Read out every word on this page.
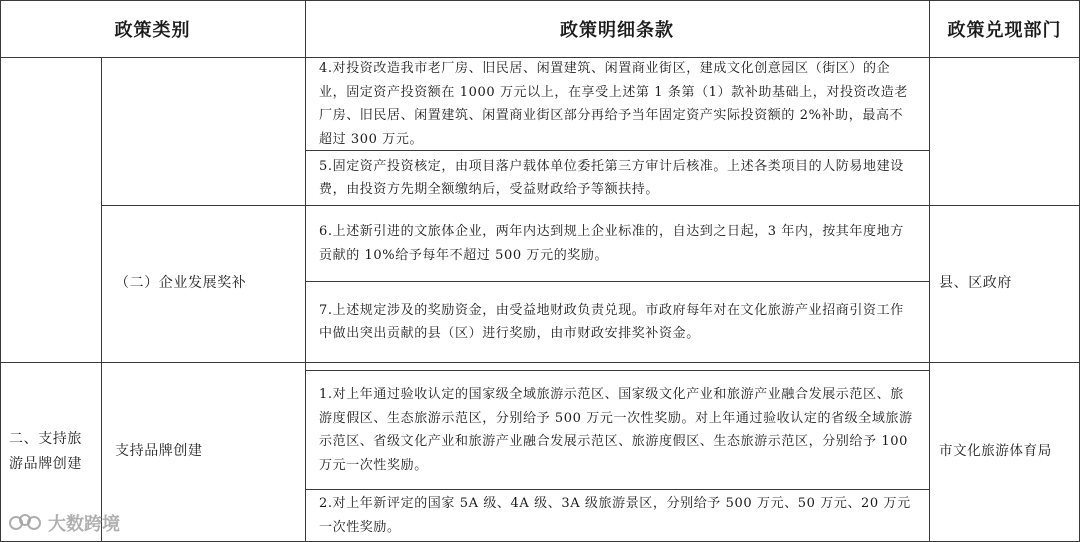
政策类别	政策明细条款	政策兑现部门
4.对投资改造我市老厂房、旧民居、闲置建筑、闲置商业街区，建成文化创意园区（街区）的企业，固定资产投资额在 1000 万元以上，在享受上述第 1 条第（1）款补助基础上，对投资改造老厂房、旧民居、闲置建筑、闲置商业街区部分再给予当年固定资产实际投资额的 2%补助，最高不超过 300 万元。
5.固定资产投资核定，由项目落户载体单位委托第三方审计后核准。上述各类项目的人防易地建设费，由投资方先期全额缴纳后，受益财政给予等额扶持。
6.上述新引进的文旅体企业，两年内达到规上企业标准的，自达到之日起，3 年内，按其年度地方贡献的 10%给予每年不超过 500 万元的奖励。
7.上述规定涉及的奖励资金，由受益地财政负责兑现。市政府每年对在文化旅游产业招商引资工作中做出突出贡献的县（区）进行奖励，由市财政安排奖补资金。
1.对上年通过验收认定的国家级全域旅游示范区、国家级文化产业和旅游产业融合发展示范区、旅游度假区、生态旅游示范区，分别给予 500 万元一次性奖励。对上年通过验收认定的省级全域旅游示范区、省级文化产业和旅游产业融合发展示范区、旅游度假区、生态旅游示范区，分别给予 100 万元一次性奖励。
2.对上年新评定的国家 5A 级、4A 级、3A 级旅游景区，分别给予 500 万元、50 万元、20 万元一次性奖励。
（二）企业发展奖补
二、支持旅游品牌创建
支持品牌创建
县、区政府
市文化旅游体育局
大数跨境
